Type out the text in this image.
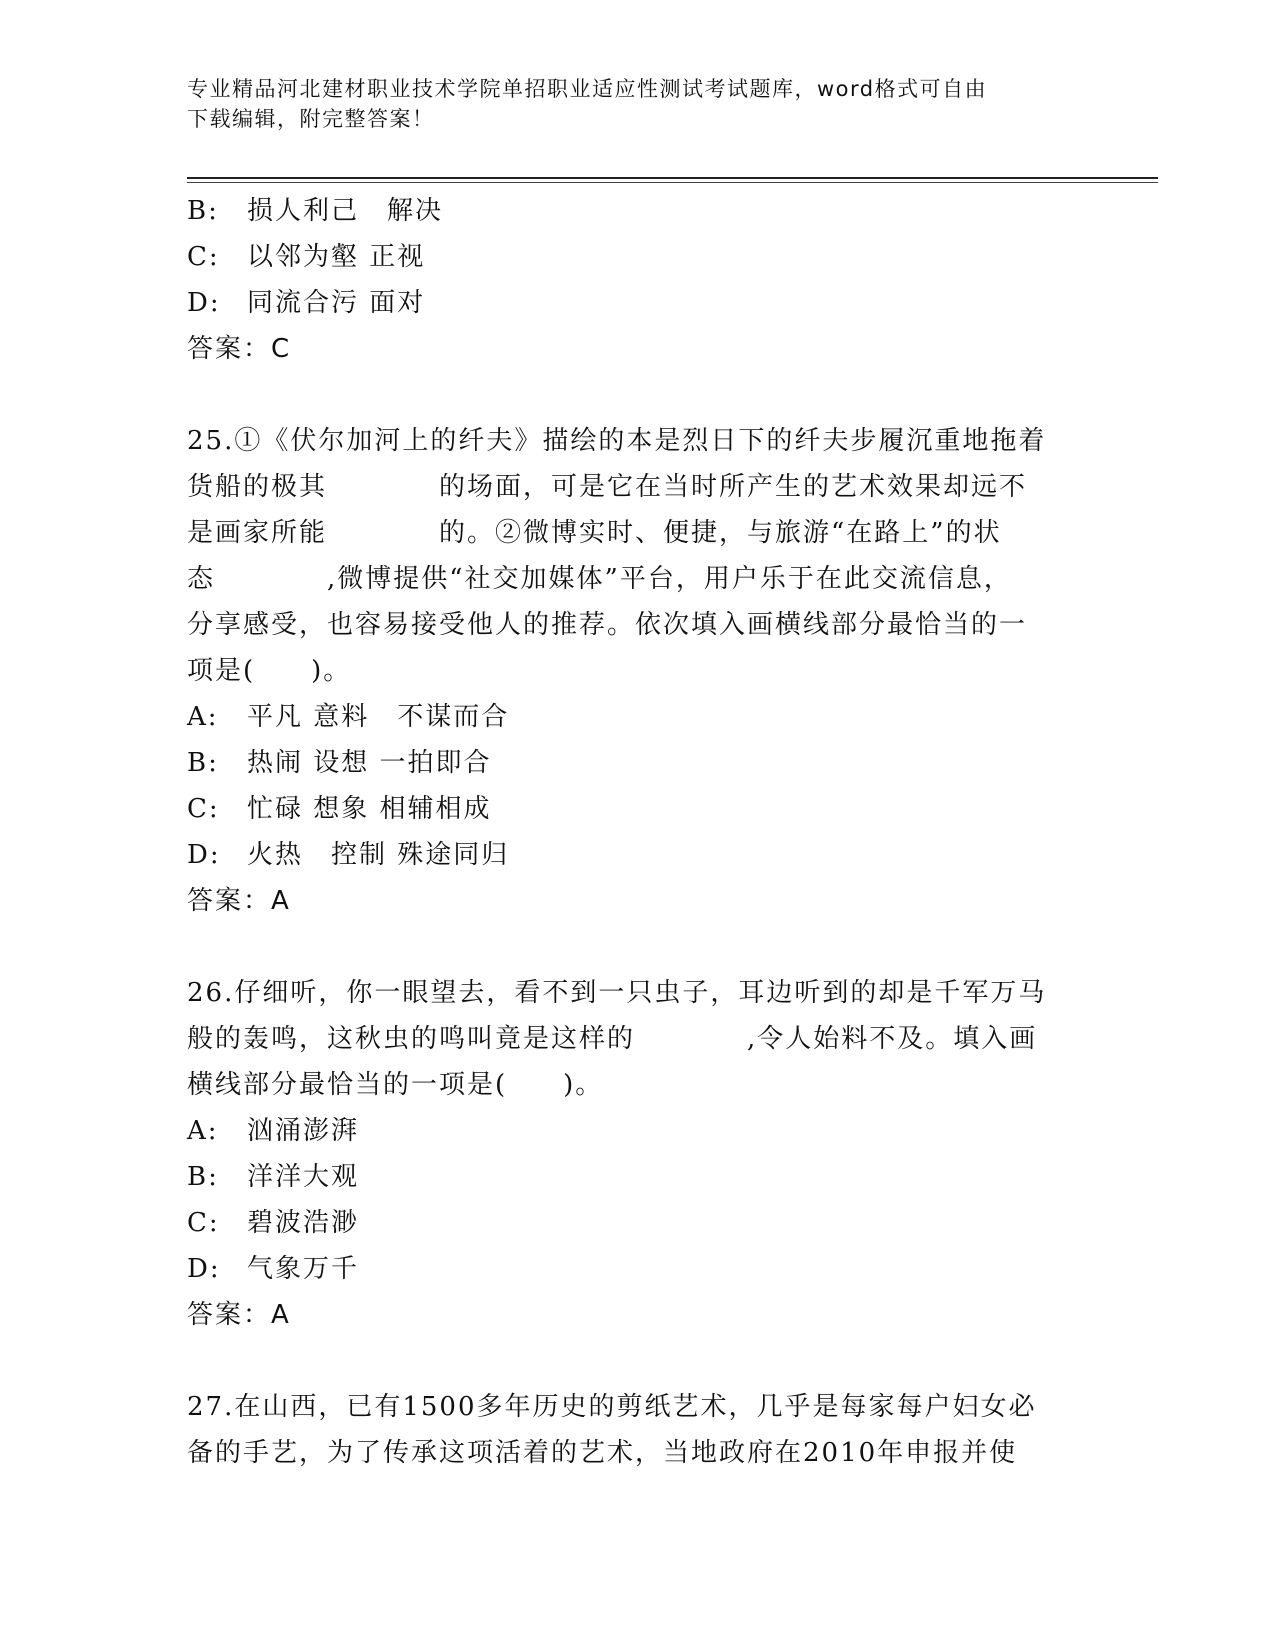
专业精品河北建材职业技术学院单招职业适应性测试考试题库，word格式可自由
下载编辑，附完整答案！
B: 损人利己　解决
C: 以邻为壑 正视
D: 同流合污 面对
答案：C
25.①《伏尔加河上的纤夫》描绘的本是烈日下的纤夫步履沉重地拖着
货船的极其　　　　的场面，可是它在当时所产生的艺术效果却远不
是画家所能　　　　的。②微博实时、便捷，与旅游“在路上”的状
态　　　　,微博提供“社交加媒体”平台，用户乐于在此交流信息，
分享感受，也容易接受他人的推荐。依次填入画横线部分最恰当的一
项是(　　)。
A: 平凡 意料　不谋而合
B: 热闹 设想 一拍即合
C: 忙碌 想象 相辅相成
D: 火热　控制 殊途同归
答案：A
26.仔细听，你一眼望去，看不到一只虫子，耳边听到的却是千军万马
般的轰鸣，这秋虫的鸣叫竟是这样的　　　　,令人始料不及。填入画
横线部分最恰当的一项是(　　)。
A: 汹涌澎湃
B: 洋洋大观
C: 碧波浩渺
D: 气象万千
答案：A
27.在山西，已有1500多年历史的剪纸艺术，几乎是每家每户妇女必
备的手艺，为了传承这项活着的艺术，当地政府在2010年申报并使
